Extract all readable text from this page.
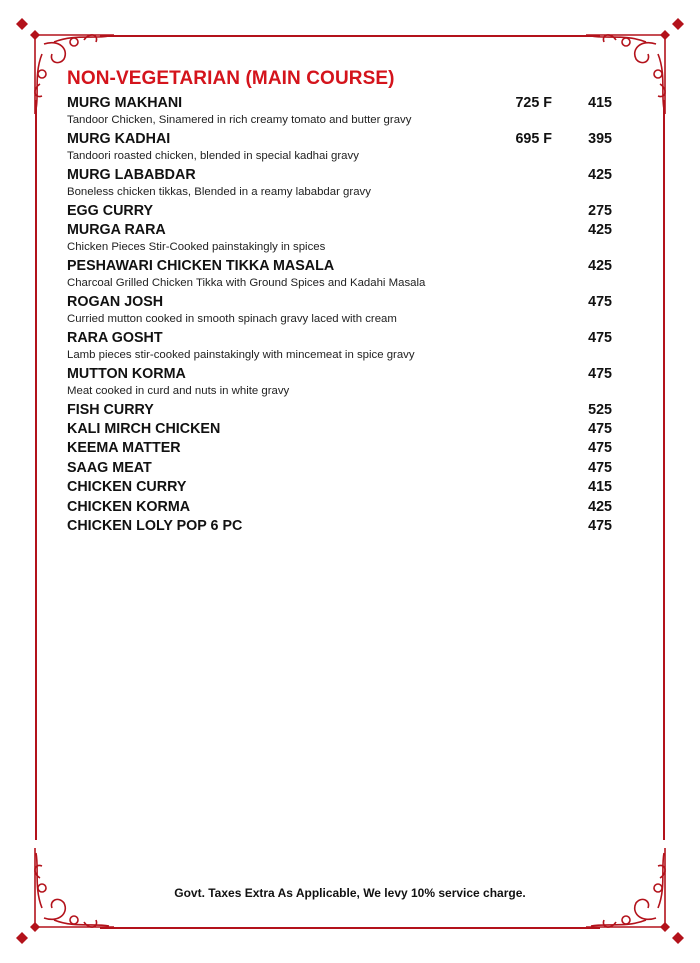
NON-VEGETARIAN (MAIN COURSE)
MURG MAKHANI	725 F	415
Tandoor Chicken, Sinamered in rich creamy tomato and butter gravy
MURG KADHAI	695 F	395
Tandoori roasted chicken, blended in special kadhai gravy
MURG LABABDAR	425
Boneless chicken tikkas, Blended in a reamy lababdar gravy
EGG CURRY	275
MURGA RARA	425
Chicken Pieces Stir-Cooked painstakingly in spices
PESHAWARI CHICKEN TIKKA MASALA	425
Charcoal Grilled Chicken Tikka with Ground Spices and Kadahi Masala
ROGAN JOSH	475
Curried mutton cooked in smooth spinach gravy laced with cream
RARA GOSHT	475
Lamb pieces stir-cooked painstakingly with mincemeat in spice gravy
MUTTON KORMA	475
Meat cooked in curd and nuts in white gravy
FISH CURRY	525
KALI MIRCH CHICKEN	475
KEEMA MATTER	475
SAAG MEAT	475
CHICKEN CURRY	415
CHICKEN KORMA	425
CHICKEN LOLY POP 6 PC	475
Govt. Taxes Extra As Applicable, We levy 10% service charge.
